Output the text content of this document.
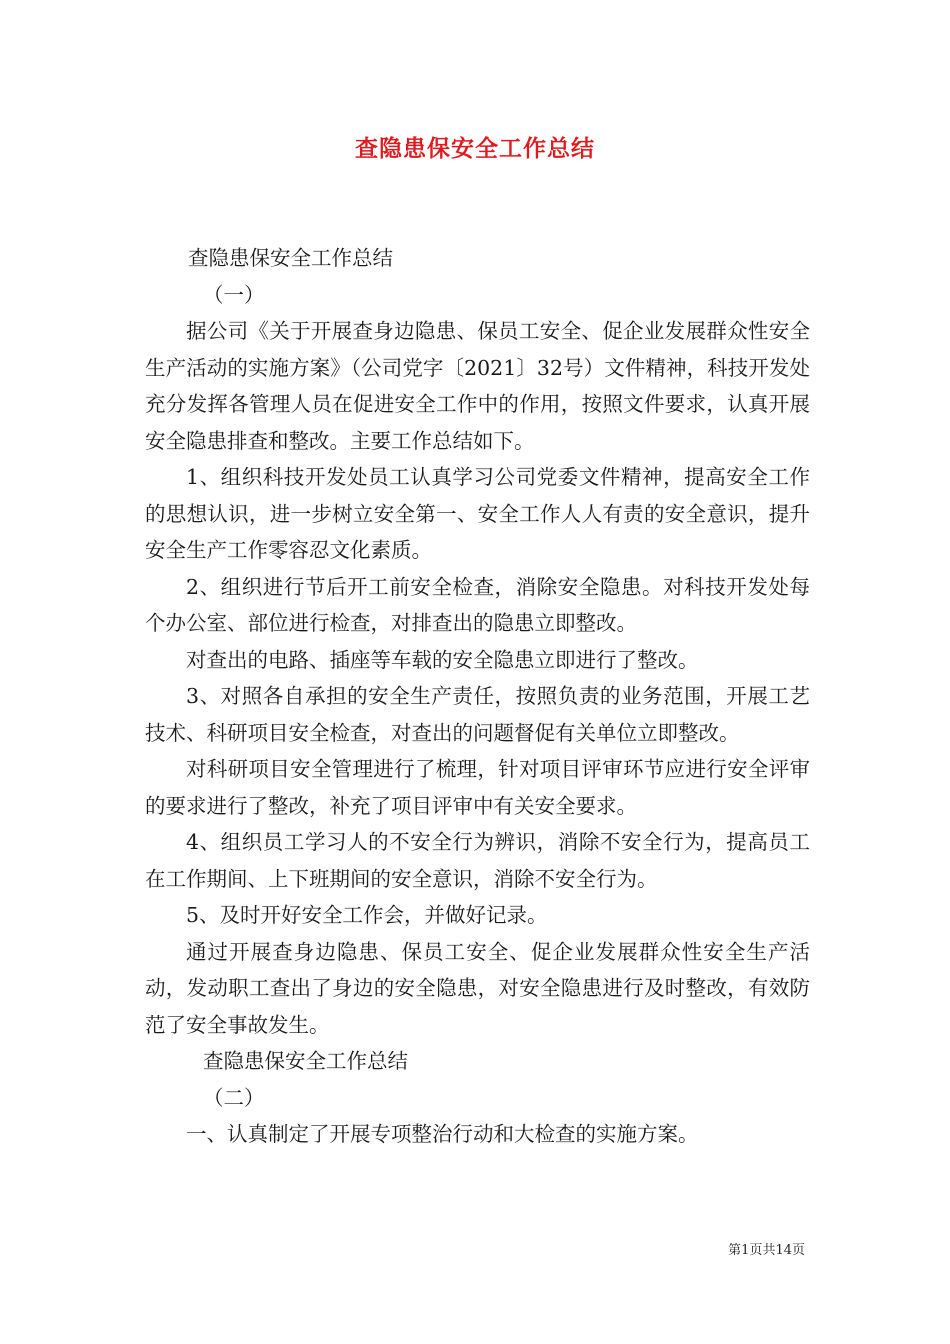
查隐患保安全工作总结

查隐患保安全工作总结

（一）

据公司《关于开展查身边隐患、保员工安全、促企业发展群众性安全生产活动的实施方案》（公司党字〔2021〕32号）文件精神，科技开发处充分发挥各管理人员在促进安全工作中的作用，按照文件要求，认真开展安全隐患排查和整改。主要工作总结如下。

1、组织科技开发处员工认真学习公司党委文件精神，提高安全工作的思想认识，进一步树立安全第一、安全工作人人有责的安全意识，提升安全生产工作零容忍文化素质。

2、组织进行节后开工前安全检查，消除安全隐患。对科技开发处每个办公室、部位进行检查，对排查出的隐患立即整改。

对查出的电路、插座等车载的安全隐患立即进行了整改。

3、对照各自承担的安全生产责任，按照负责的业务范围，开展工艺技术、科研项目安全检查，对查出的问题督促有关单位立即整改。

对科研项目安全管理进行了梳理，针对项目评审环节应进行安全评审的要求进行了整改，补充了项目评审中有关安全要求。

4、组织员工学习人的不安全行为辨识，消除不安全行为，提高员工在工作期间、上下班期间的安全意识，消除不安全行为。

5、及时开好安全工作会，并做好记录。

通过开展查身边隐患、保员工安全、促企业发展群众性安全生产活动，发动职工查出了身边的安全隐患，对安全隐患进行及时整改，有效防范了安全事故发生。

查隐患保安全工作总结

（二）

一、认真制定了开展专项整治行动和大检查的实施方案。

第1页共14页
